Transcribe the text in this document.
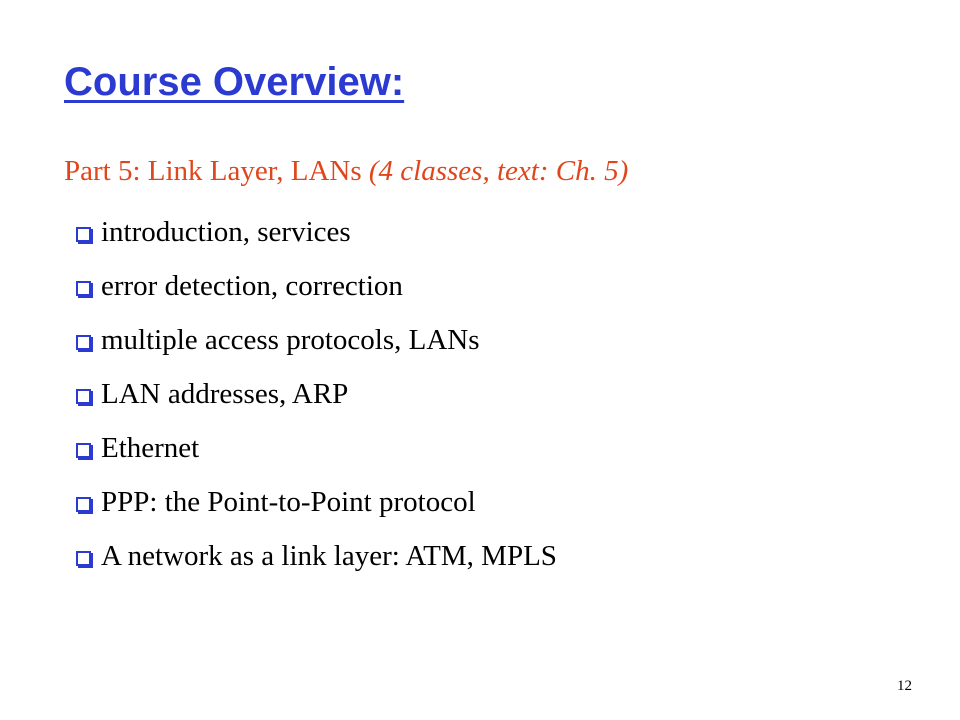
Course Overview:
Part 5: Link Layer, LANs (4 classes, text: Ch. 5)
introduction, services
error detection, correction
multiple access protocols, LANs
LAN addresses, ARP
Ethernet
PPP: the Point-to-Point protocol
A network as a link layer: ATM, MPLS
12
